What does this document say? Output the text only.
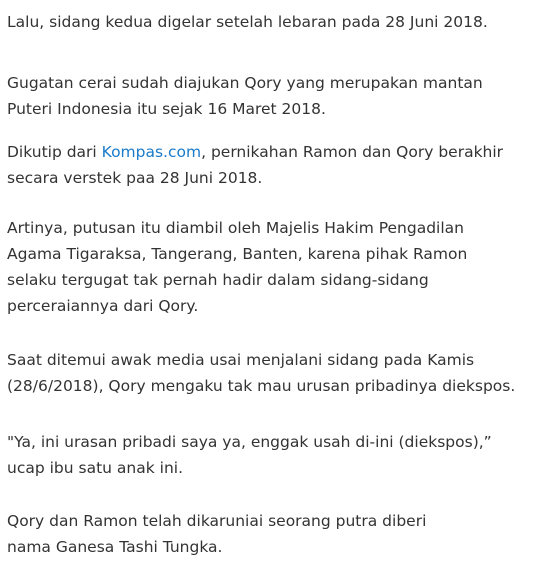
Lalu, sidang kedua digelar setelah lebaran pada 28 Juni 2018.

Gugatan cerai sudah diajukan Qory yang merupakan mantan
Puteri Indonesia itu sejak 16 Maret 2018.

Dikutip dari Kompas.com, pernikahan Ramon dan Qory berakhir
secara verstek paa 28 Juni 2018.

Artinya, putusan itu diambil oleh Majelis Hakim Pengadilan
Agama Tigaraksa, Tangerang, Banten, karena pihak Ramon
selaku tergugat tak pernah hadir dalam sidang-sidang
perceraiannya dari Qory.

Saat ditemui awak media usai menjalani sidang pada Kamis
(28/6/2018), Qory mengaku tak mau urusan pribadinya diekspos.

"Ya, ini urasan pribadi saya ya, enggak usah di-ini (diekspos),”
ucap ibu satu anak ini.

Qory dan Ramon telah dikaruniai seorang putra diberi
nama Ganesa Tashi Tungka.
